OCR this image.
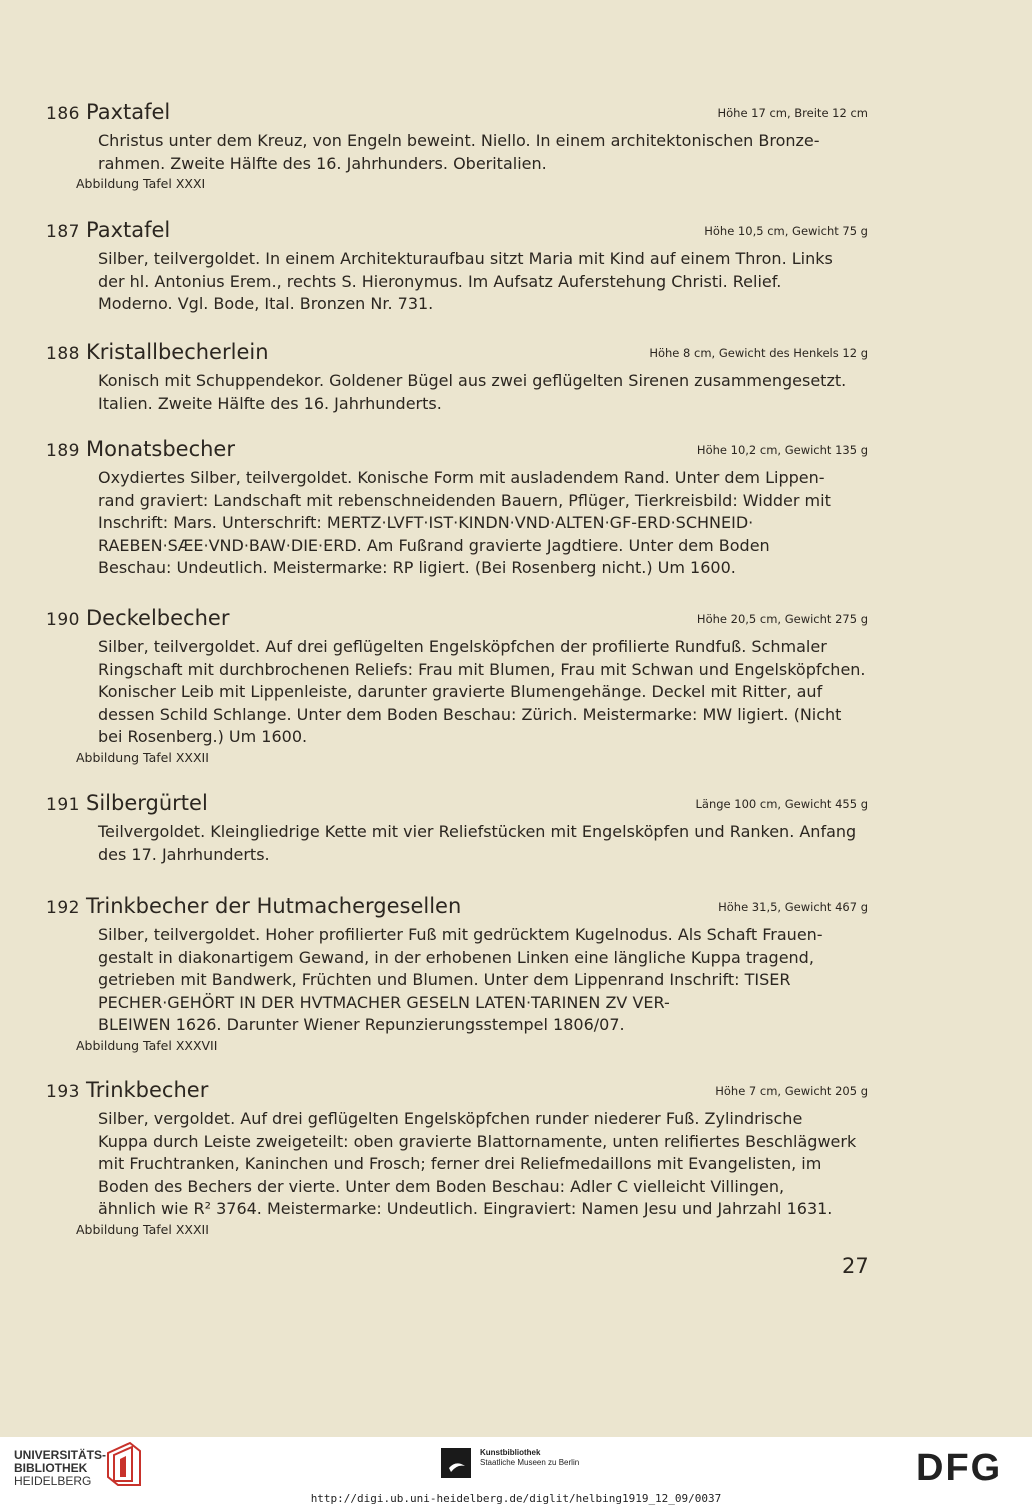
186 Paxtafel	Höhe 17 cm, Breite 12 cm
Christus unter dem Kreuz, von Engeln beweint. Niello. In einem architektonischen Bronze-
rahmen. Zweite Hälfte des 16. Jahrhunders. Oberitalien.
Abbildung Tafel XXXI
187 Paxtafel	Höhe 10,5 cm, Gewicht 75 g
Silber, teilvergoldet. In einem Architekturaufbau sitzt Maria mit Kind auf einem Thron. Links
der hl. Antonius Erem., rechts S. Hieronymus. Im Aufsatz Auferstehung Christi. Relief.
Moderno. Vgl. Bode, Ital. Bronzen Nr. 731.
188 Kristallbecherlein	Höhe 8 cm, Gewicht des Henkels 12 g
Konisch mit Schuppendekor. Goldener Bügel aus zwei geflügelten Sirenen zusammengesetzt.
Italien. Zweite Hälfte des 16. Jahrhunderts.
189 Monatsbecher	Höhe 10,2 cm, Gewicht 135 g
Oxydiertes Silber, teilvergoldet. Konische Form mit ausladendem Rand. Unter dem Lippen-
rand graviert: Landschaft mit rebenschneidenden Bauern, Pflüger, Tierkreisbild: Widder mit
Inschrift: Mars. Unterschrift: MERTZ·LVFT·IST·KINDN·VND·ALTEN·GF-ERD·SCHNEID·
RAEBEN·SÆE·VND·BAW·DIE·ERD. Am Fußrand gravierte Jagdtiere. Unter dem Boden
Beschau: Undeutlich. Meistermarke: RP ligiert. (Bei Rosenberg nicht.) Um 1600.
190 Deckelbecher	Höhe 20,5 cm, Gewicht 275 g
Silber, teilvergoldet. Auf drei geflügelten Engelsköpfchen der profilierte Rundfuß. Schmaler
Ringschaft mit durchbrochenen Reliefs: Frau mit Blumen, Frau mit Schwan und Engelsköpfchen.
Konischer Leib mit Lippenleiste, darunter gravierte Blumengehänge. Deckel mit Ritter, auf
dessen Schild Schlange. Unter dem Boden Beschau: Zürich. Meistermarke: MW ligiert. (Nicht
bei Rosenberg.) Um 1600.
Abbildung Tafel XXXII
191 Silbergürtel	Länge 100 cm, Gewicht 455 g
Teilvergoldet. Kleingliedrige Kette mit vier Reliefstücken mit Engelsköpfen und Ranken. Anfang
des 17. Jahrhunderts.
192 Trinkbecher der Hutmachergesellen	Höhe 31,5, Gewicht 467 g
Silber, teilvergoldet. Hoher profilierter Fuß mit gedrücktem Kugelnodus. Als Schaft Frauen-
gestalt in diakonartigem Gewand, in der erhobenen Linken eine längliche Kuppa tragend,
getrieben mit Bandwerk, Früchten und Blumen. Unter dem Lippenrand Inschrift: TISER
PECHER·GEHÖRT IN DER HVTMACHER GESELN LATEN·TARINEN ZV VER-
BLEIWEN 1626. Darunter Wiener Repunzierungsstempel 1806/07.
Abbildung Tafel XXXVII
193 Trinkbecher	Höhe 7 cm, Gewicht 205 g
Silber, vergoldet. Auf drei geflügelten Engelsköpfchen runder niederer Fuß. Zylindrische
Kuppa durch Leiste zweigeteilt: oben gravierte Blattornamente, unten relifiertes Beschlägwerk
mit Fruchtranken, Kaninchen und Frosch; ferner drei Reliefmedaillons mit Evangelisten, im
Boden des Bechers der vierte. Unter dem Boden Beschau: Adler C vielleicht Villingen,
ähnlich wie R² 3764. Meistermarke: Undeutlich. Eingraviert: Namen Jesu und Jahrzahl 1631.
Abbildung Tafel XXXII
27
UNIVERSITÄTS-
BIBLIOTHEK
HEIDELBERG
Kunstbibliothek
Staatliche Museen zu Berlin	DFG
http://digi.ub.uni-heidelberg.de/diglit/helbing1919_12_09/0037
